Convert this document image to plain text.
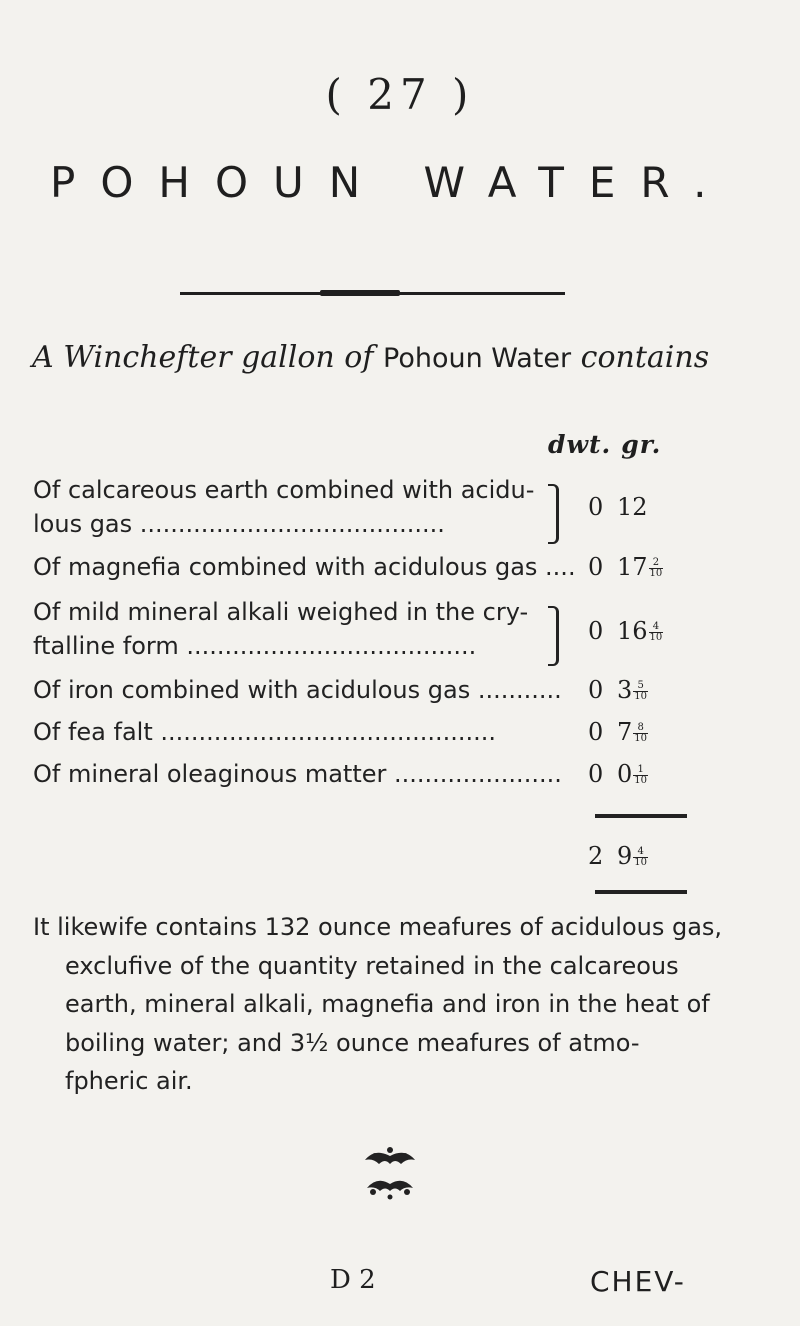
( 27 )
POHOUN WATER.
A Winchefter gallon of Pohoun Water contains
dwt. gr.
Of calcareous earth combined with acidu-
lous gas ........................................
0 12
Of magnefia combined with acidulous gas .... 0 $17 \frac{2}{10}$
Of mild mineral alkali weighed in the cry-
ftalline form ......................................
0 $16 \frac{4}{10}$
Of iron combined with acidulous gas ........... 0 $3 \frac{5}{10}$
Of fea falt ............................................	0 $7 \frac{8}{10}$
Of mineral oleaginous matter ...................... 0 $0 \frac{1}{10}$
2 $9 \frac{4}{10}$

It likewife contains 132 ounce meafures of acidulous gas,

exclufive of the quantity retained in the calcareous

earth, mineral alkali, magnefia and iron in the heat of

boiling water; and 3½ ounce meafures of atmo-

fpheric air.

D 2	CHEV-
